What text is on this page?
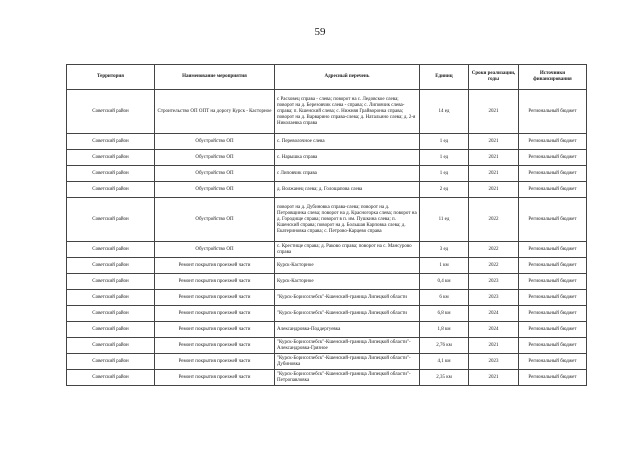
59
Территория	Наименование мероприятия	Адресный перечень	Единиц	Сроки реализации, годы	Источники финансирования
Советский район	Строительство ОП ОПТ на дорогу Курск - Касторное	с Расховец справа - слева; поворот на с. Ледовское слева; поворот на д. Березовчик слева - справа; с. Липовчик слева-справа; п. Кшенский слева; с. Нижняя Грайворонка справа; поворот на д. Варварино справа-слева; д. Натальино слева; д. 2-я Николаевка справа	14 ед	2021	Региональный бюджет
Советский район	Обустройство ОП	с. Переволочное слева	1 ед	2021	Региональный бюджет
Советский район	Обустройство ОП	с. Нарышка справа	1 ед	2021	Региональный бюджет
Советский район	Обустройство ОП	с Липовчик справа	1 ед	2021	Региональный бюджет
Советский район	Обустройство ОП	д. Волжанец слева; д. Голощапова слева	2 ед	2021	Региональный бюджет
Советский район	Обустройство ОП	поворот на д. Дубиновка справа-слева; поворот на д. Петровщинка слева; поворот на д. Красногорка слева; поворот на д. Городище справа; поворот в п. им. Пушкина слева; п. Кшенский справа; поворот на д. Большая Карповка слева; д. Екатериновка справа; с. Петрово-Карцево справа	11 ед	2022	Региональный бюджет
Советский район	Обустройство ОП	с. Крестище справа; д. Раково справа; поворот на с. Мансурово справа	3 ед	2022	Региональный бюджет
Советский район	Ремонт покрытия проезжей части	Курск-Касторное	1 км	2022	Региональный бюджет
Советский район	Ремонт покрытия проезжей части	Курск-Касторное	0,4 км	2023	Региональный бюджет
Советский район	Ремонт покрытия проезжей части	"Курск-Борисоглебск"-Кшенский-граница Липецкой области	6 км	2023	Региональный бюджет
Советский район	Ремонт покрытия проезжей части	"Курск-Борисоглебск"-Кшенский-граница Липецкой области	6,8 км	2024	Региональный бюджет
Советский район	Ремонт покрытия проезжей части	Александровка-Поддергуевка	1,8 км	2024	Региональный бюджет
Советский район	Ремонт покрытия проезжей части	"Курск-Борисоглебск"-Кшенский-граница Липецкой области"-Александровка-Грязное	2,76 км	2021	Региональный бюджет
Советский район	Ремонт покрытия проезжей части	"Курск-Борисоглебск"-Кшенский-граница Липецкой области"-Дубиновка	4,1 км	2023	Региональный бюджет
Советский район	Ремонт покрытия проезжей части	"Курск-Борисоглебск"-Кшенский-граница Липецкой области"-Петропавловка	2,35 км	2021	Региональный бюджет
